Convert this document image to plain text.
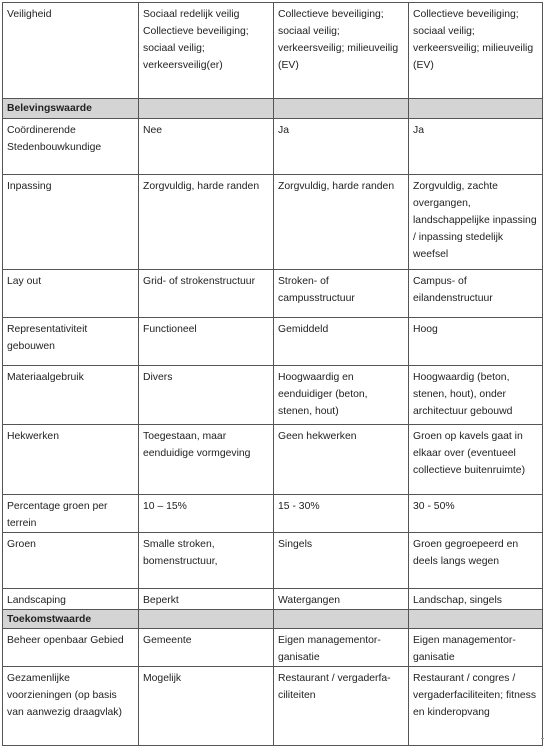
Veiligheid	Sociaal redelijk veilig Collectieve beveiliging; sociaal veilig; verkeersveilig(er)	Collectieve beveiliging; sociaal veilig; verkeersveilig; milieuveilig (EV)	Collectieve beveiliging; sociaal veilig; verkeersveilig; milieuveilig (EV)
Belevingswaarde			
Coördinerende Stedenbouwkundige	Nee	Ja	Ja
Inpassing	Zorgvuldig, harde randen	Zorgvuldig, harde randen	Zorgvuldig, zachte overgangen, landschappelijke inpassing / inpassing stedelijk weefsel
Lay out	Grid- of strokenstructuur	Stroken- of campusstructuur	Campus- of eilandenstructuur
Representativiteit gebouwen	Functioneel	Gemiddeld	Hoog
Materiaalgebruik	Divers	Hoogwaardig en eenduidiger (beton, stenen, hout)	Hoogwaardig (beton, stenen, hout), onder architectuur gebouwd
Hekwerken	Toegestaan, maar eenduidige vormgeving	Geen hekwerken	Groen op kavels gaat in elkaar over (eventueel collectieve buitenruimte)
Percentage groen per terrein	10 – 15%	15 - 30%	30 - 50%
Groen	Smalle stroken, bomenstructuur,	Singels	Groen gegroepeerd en deels langs wegen
Landscaping	Beperkt	Watergangen	Landschap, singels
Toekomstwaarde			
Beheer openbaar Gebied	Gemeente	Eigen managementor-ganisatie	Eigen managementor-ganisatie
Gezamenlijke voorzieningen (op basis van aanwezig draagvlak)	Mogelijk	Restaurant / vergaderfa-ciliteiten	Restaurant / congres / vergaderfaciliteiten; fitness en kinderopvang
